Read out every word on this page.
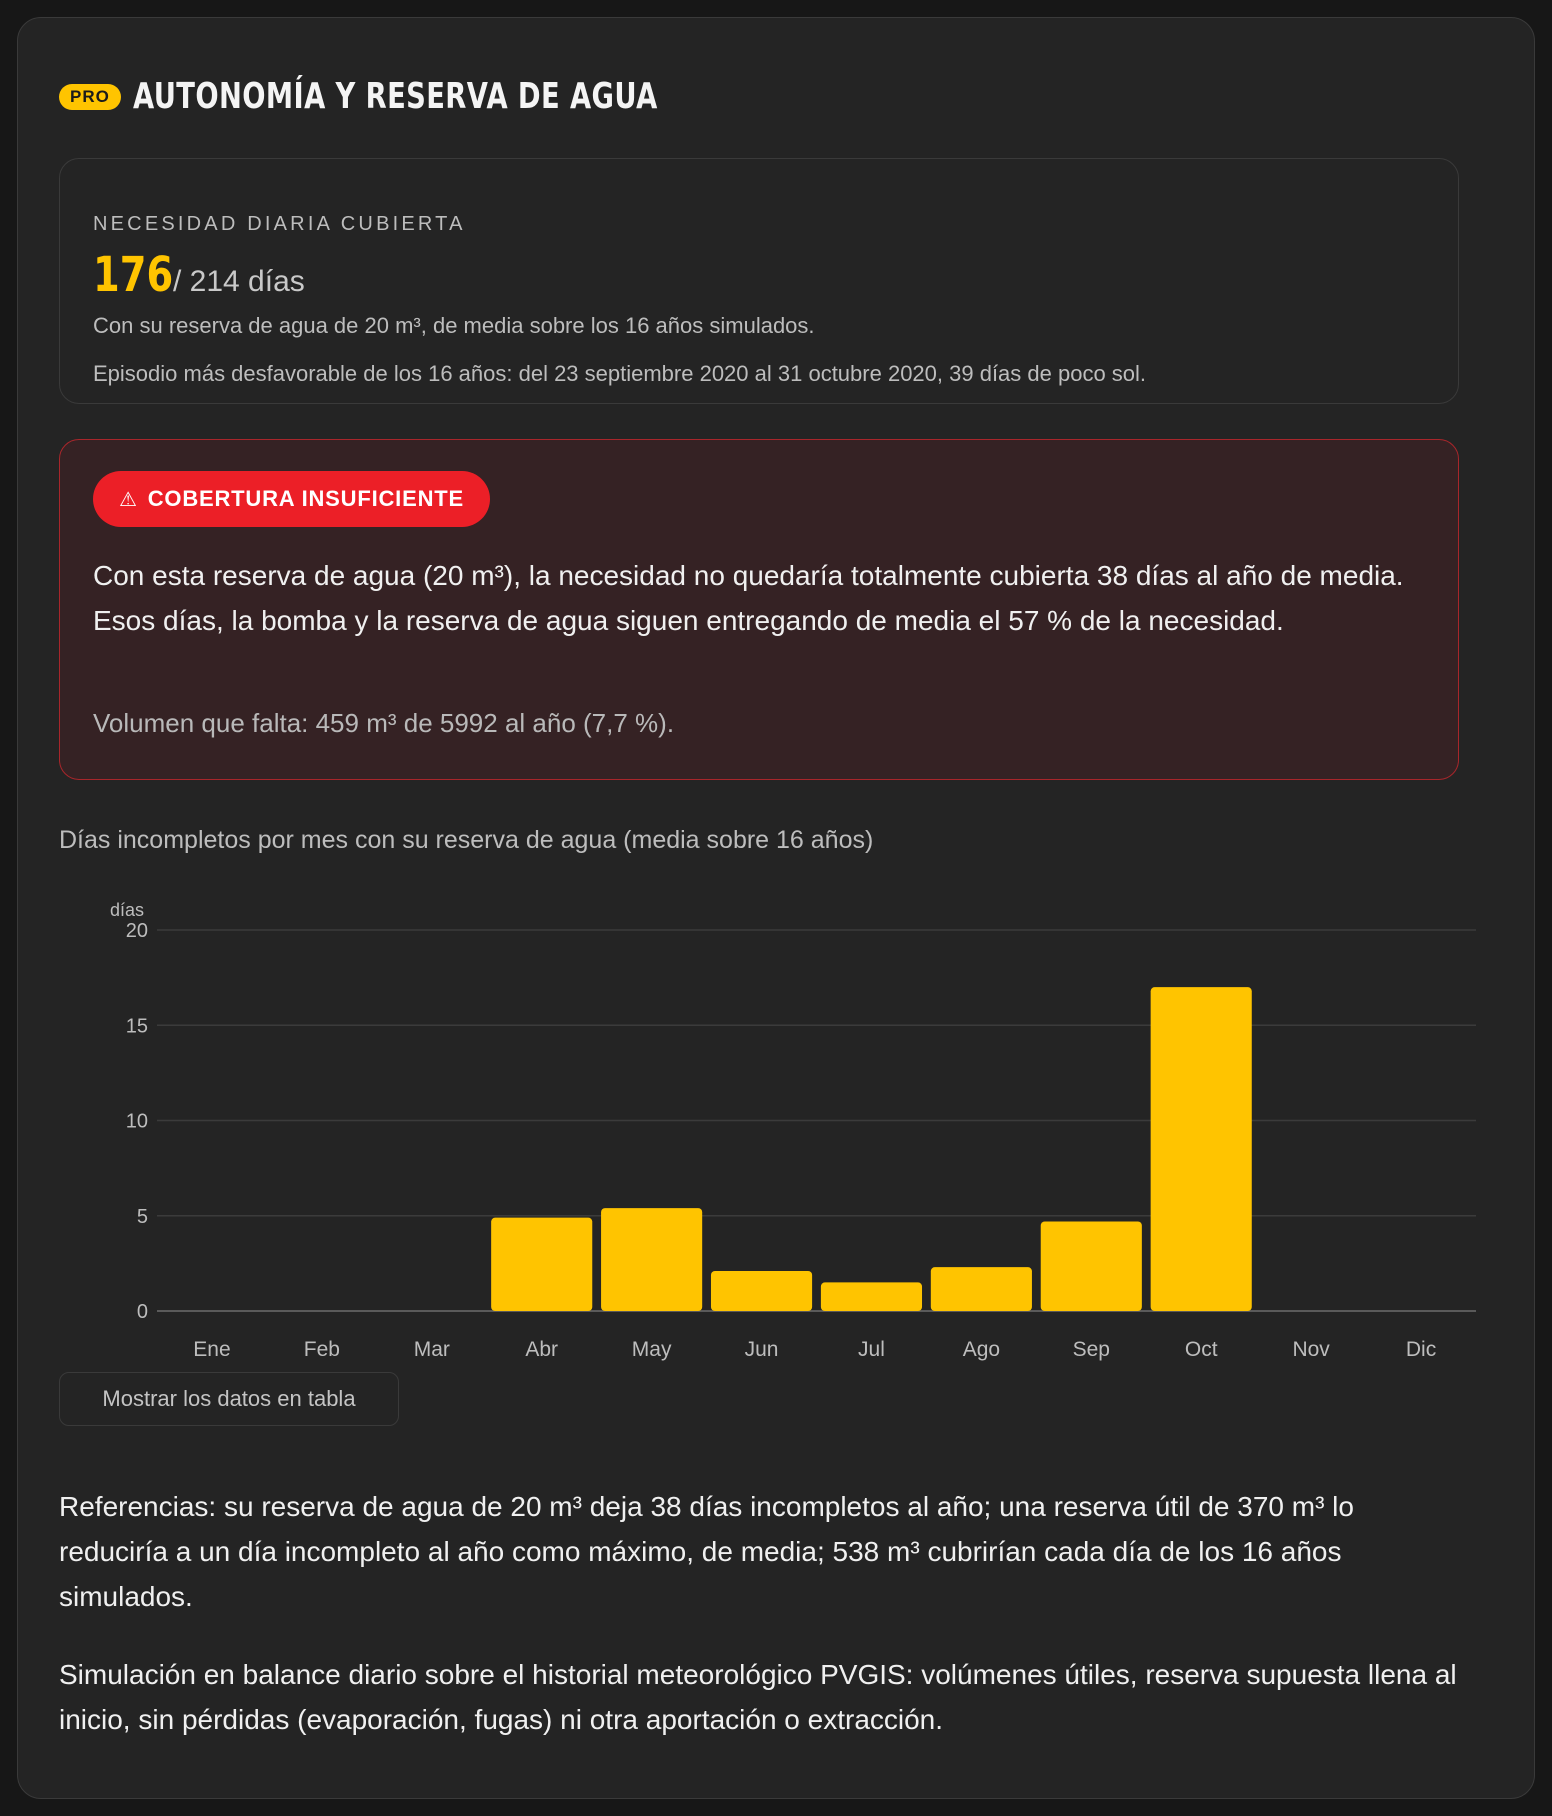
PRO AUTONOMÍA Y RESERVA DE AGUA
NECESIDAD DIARIA CUBIERTA
176 / 214 días
Con su reserva de agua de 20 m³, de media sobre los 16 años simulados.
Episodio más desfavorable de los 16 años: del 23 septiembre 2020 al 31 octubre 2020, 39 días de poco sol.
⚠ COBERTURA INSUFICIENTE
Con esta reserva de agua (20 m³), la necesidad no quedaría totalmente cubierta 38 días al año de media. Esos días, la bomba y la reserva de agua siguen entregando de media el 57 % de la necesidad.
Volumen que falta: 459 m³ de 5992 al año (7,7 %).
Días incompletos por mes con su reserva de agua (media sobre 16 años)
días
0
5
10
15
20
Ene	Feb	Mar	Abr	May	Jun	Jul	Ago	Sep	Oct	Nov	Dic
Mostrar los datos en tabla
Referencias: su reserva de agua de 20 m³ deja 38 días incompletos al año; una reserva útil de 370 m³ lo reduciría a un día incompleto al año como máximo, de media; 538 m³ cubrirían cada día de los 16 años simulados.
Simulación en balance diario sobre el historial meteorológico PVGIS: volúmenes útiles, reserva supuesta llena al inicio, sin pérdidas (evaporación, fugas) ni otra aportación o extracción.
